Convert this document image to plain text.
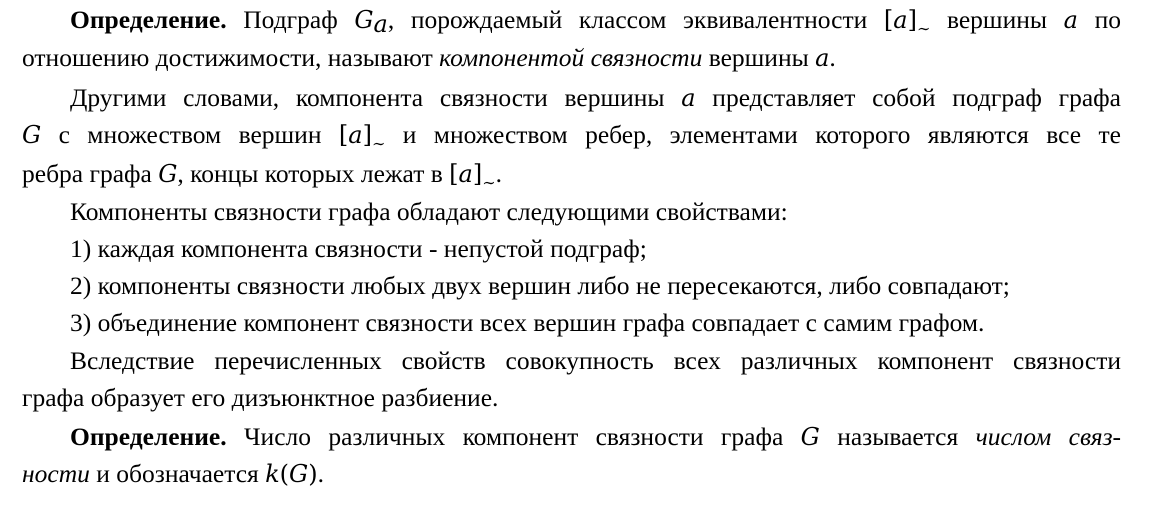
Определение. Подграф $G_a$, порождаемый классом эквивалентности $[a]_\sim$ вершины a по
отношению достижимости, называют компонентой связности вершины a.
Другими словами, компонента связности вершины a представляет собой подграф графа
G с множеством вершин $[a]_\sim$ и множеством ребер, элементами которого являются все те
ребра графа G, концы которых лежат в $[a]_\sim$.
Компоненты связности графа обладают следующими свойствами:
1) каждая компонента связности - непустой подграф;
2) компоненты связности любых двух вершин либо не пересекаются, либо совпадают;
3) объединение компонент связности всех вершин графа совпадает с самим графом.
Вследствие перечисленных свойств совокупность всех различных компонент связности
графа образует его дизъюнктное разбиение.
Определение. Число различных компонент связности графа G называется числом связ-
ности и обозначается k(G).
